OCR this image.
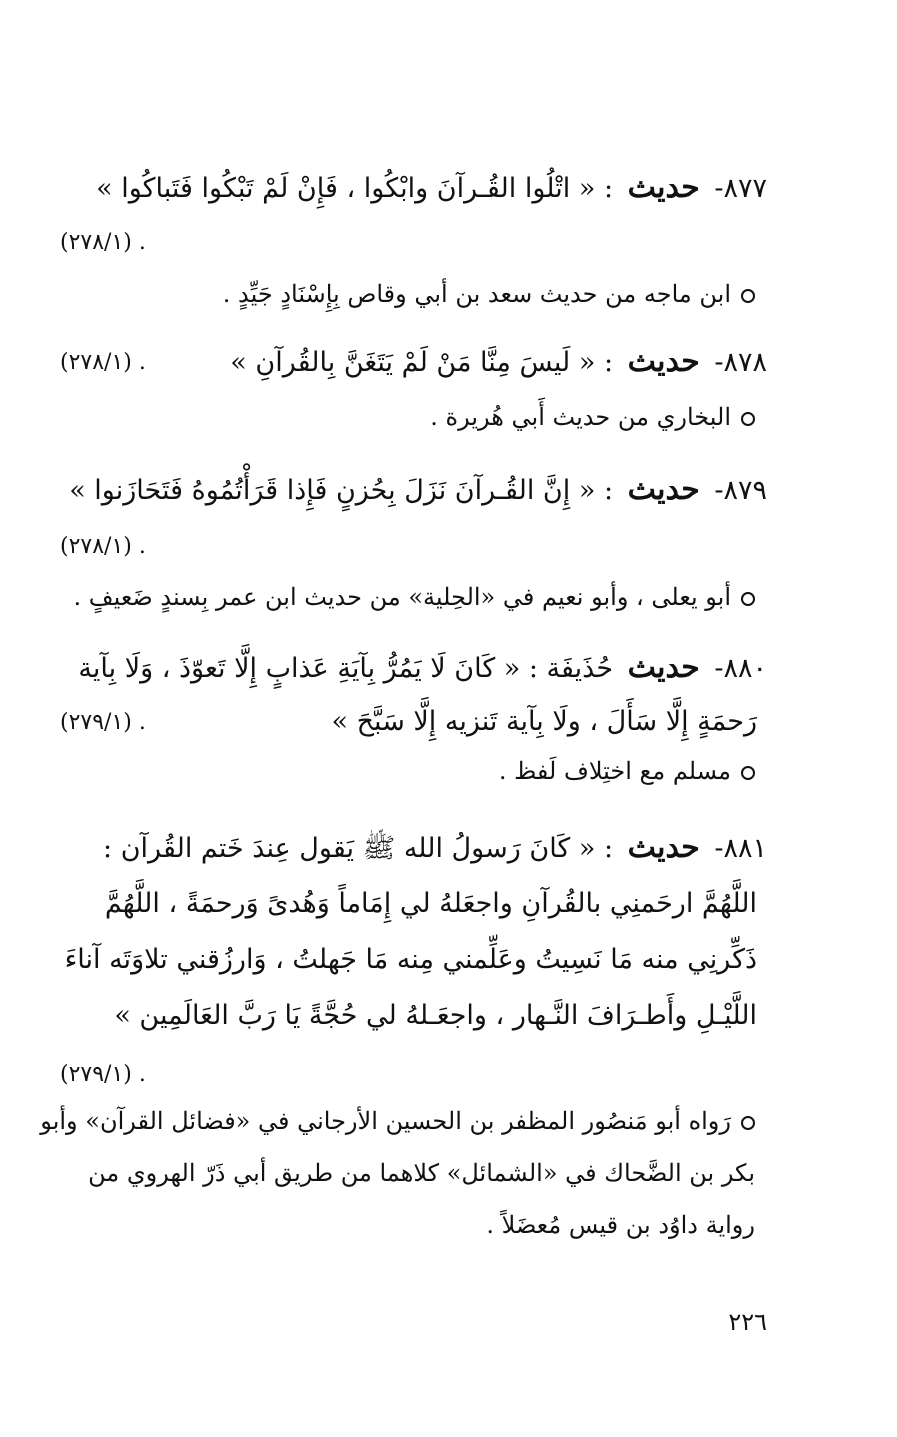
٨٧٧- حديث : « اتْلُوا القُـرآنَ وابْكُوا ، فَإِنْ لَمْ تَبْكُوا فَتَباكُوا »
. (٢٧٨/١)
ابن ماجه من حديث سعد بن أبي وقاص بِإِسْنَادٍ جَيِّدٍ .
٨٧٨- حديث : « لَيسَ مِنَّا مَنْ لَمْ يَتَغَنَّ بِالقُرآنِ »
. (٢٧٨/١)
البخاري من حديث أَبي هُريرة .
٨٧٩- حديث : « إِنَّ القُـرآنَ نَزَلَ بِحُزنٍ فَإِذا قَرَأْتُمُوهُ فَتَحَازَنوا »
. (٢٧٨/١)
أبو يعلى ، وأبو نعيم في «الحِلية» من حديث ابن عمر بِسندٍ ضَعيفٍ .
٨٨٠- حديث حُذَيفَة : « كَانَ لَا يَمُرُّ بِآيَةِ عَذابٍ إِلَّا تَعوّذَ ، وَلَا بِآية
رَحمَةٍ إِلَّا سَأَلَ ، ولَا بِآية تَنزيه إِلَّا سَبَّحَ »
. (٢٧٩/١)
مسلم مع اختِلاف لَفظ .
٨٨١- حديث : « كَانَ رَسولُ الله ﷺ يَقول عِندَ خَتم القُرآن :
اللَّهُمَّ ارحَمنِي بالقُرآنِ واجعَلهُ لي إِمَاماً وَهُدىً وَرحمَةً ، اللَّهُمَّ
ذَكِّرنِي منه مَا نَسِيتُ وعَلِّمني مِنه مَا جَهلتُ ، وَارزُقني تلاوَتَه آناءَ
اللَّيْـلِ وأَطـرَافَ النَّـهار ، واجعَـلهُ لي حُجَّةً يَا رَبَّ العَالَمِين »
. (٢٧٩/١)
رَواه أبو مَنصُور المظفر بن الحسين الأرجاني في «فضائل القرآن» وأبو
بكر بن الضَّحاك في «الشمائل» كلاهما من طريق أبي ذَرّ الهروي من
رواية داوُد بن قيس مُعضَلاً .
٢٢٦
